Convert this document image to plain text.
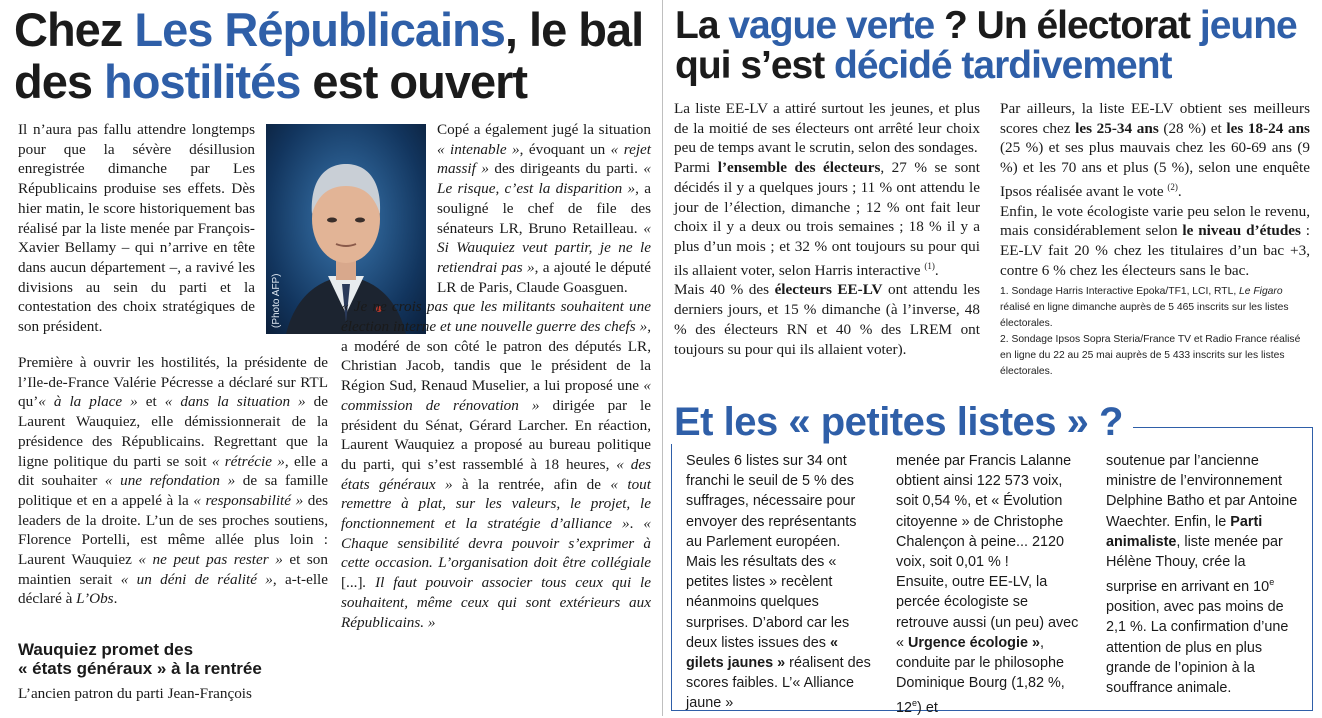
Chez Les Républicains, le bal
des hostilités est ouvert

Il n’aura pas fallu attendre longtemps pour que la sévère désillusion enregistrée dimanche par Les Républicains produise ses effets. Dès hier matin, le score historiquement bas réalisé par la liste menée par François-Xavier Bellamy – qui n’arrive en tête dans aucun département –, a ravivé les divisions au sein du parti et la contestation des choix stratégiques de son président.	(Photo AFP)

Première à ouvrir les hostilités, la présidente de l’Ile-de-France Valérie Pécresse a déclaré sur RTL qu’« à la place » et « dans la situation » de Laurent Wauquiez, elle démissionnerait de la présidence des Républicains. Regrettant que la ligne politique du parti se soit « rétrécie », elle a dit souhaiter « une refondation » de sa famille politique et en a appelé à la « responsabilité » des leaders de la droite. L’un de ses proches soutiens, Florence Portelli, est même allée plus loin : Laurent Wauquiez « ne peut pas rester » et son maintien serait « un déni de réalité », a-t-elle déclaré à L’Obs.

Wauquiez promet des

« états généraux » à la rentrée

L’ancien patron du parti Jean-François

Copé a également jugé la situation « intenable », évoquant un « rejet massif » des dirigeants du parti. « Le risque, c’est la disparition », a souligné le chef de file des sénateurs LR, Bruno Retailleau. « Si Wauquiez veut partir, je ne le retiendrai pas », a ajouté le député LR de Paris, Claude Goasguen.

« Je ne crois pas que les militants souhaitent une élection interne et une nouvelle guerre des chefs », a modéré de son côté le patron des députés LR, Christian Jacob, tandis que le président de la Région Sud, Renaud Muselier, a lui proposé une « commission de rénovation » dirigée par le président du Sénat, Gérard Larcher. En réaction, Laurent Wauquiez a proposé au bureau politique du parti, qui s’est rassemblé à 18 heures, « des états généraux » à la rentrée, afin de « tout remettre à plat, sur les valeurs, le projet, le fonctionnement et la stratégie d’alliance ». « Chaque sensibilité devra pouvoir s’exprimer à cette occasion. L’organisation doit être collégiale [...]. Il faut pouvoir associer tous ceux qui le souhaitent, même ceux qui sont extérieurs aux Républicains. »

La vague verte ? Un électorat jeune
qui s’est décidé tardivement

La liste EE-LV a attiré surtout les jeunes, et plus de la moitié de ses électeurs ont arrêté leur choix peu de temps avant le scrutin, selon des sondages.

Parmi l’ensemble des électeurs, 27 % se sont décidés il y a quelques jours ; 11 % ont attendu le jour de l’élection, dimanche ; 12 % ont fait leur choix il y a deux ou trois semaines ; 18 % il y a plus d’un mois ; et 32 % ont toujours su pour qui ils allaient voter, selon Harris interactive $^{(1)}$.

Mais 40 % des électeurs EE-LV ont attendu les derniers jours, et 15 % dimanche (à l’inverse, 48 % des électeurs RN et 40 % des LREM ont toujours su pour qui ils allaient voter).

Par ailleurs, la liste EE-LV obtient ses meilleurs scores chez les 25-34 ans (28 %) et les 18-24 ans (25 %) et ses plus mauvais chez les 60-69 ans (9 %) et les 70 ans et plus (5 %), selon une enquête Ipsos réalisée avant le vote $^{(2)}$.

Enfin, le vote écologiste varie peu selon le revenu, mais considérablement selon le niveau d’études : EE-LV fait 20 % chez les titulaires d’un bac +3, contre 6 % chez les électeurs sans le bac.

1. Sondage Harris Interactive Epoka/TF1, LCI, RTL, Le Figaro réalisé en ligne dimanche auprès de 5 465 inscrits sur les listes électorales.

2. Sondage Ipsos Sopra Steria/France TV et Radio France réalisé en ligne du 22 au 25 mai auprès de 5 433 inscrits sur les listes électorales.

Seules 6 listes sur 34 ont franchi le seuil de 5 % des suffrages, nécessaire pour envoyer des représentants au Parlement européen.
Mais les résultats des « petites listes » recèlent néanmoins quelques surprises. D’abord car les deux listes issues des « gilets jaunes » réalisent des scores faibles. L’« Alliance jaune »

menée par Francis Lalanne obtient ainsi 122 573 voix, soit 0,54 %, et « Évolution citoyenne » de Christophe Chalençon à peine... 2120 voix, soit 0,01 % !
Ensuite, outre EE-LV, la percée écologiste se retrouve aussi (un peu) avec « Urgence écologie », conduite par le philosophe Dominique Bourg (1,82 %, 12e) et

soutenue par l’ancienne ministre de l’environnement Delphine Batho et par Antoine Waechter. Enfin, le Parti animaliste, liste menée par Hélène Thouy, crée la surprise en arrivant en 10e position, avec pas moins de 2,1 %. La confirmation d’une attention de plus en plus grande de l’opinion à la souffrance animale.

Et les « petites listes » ?
